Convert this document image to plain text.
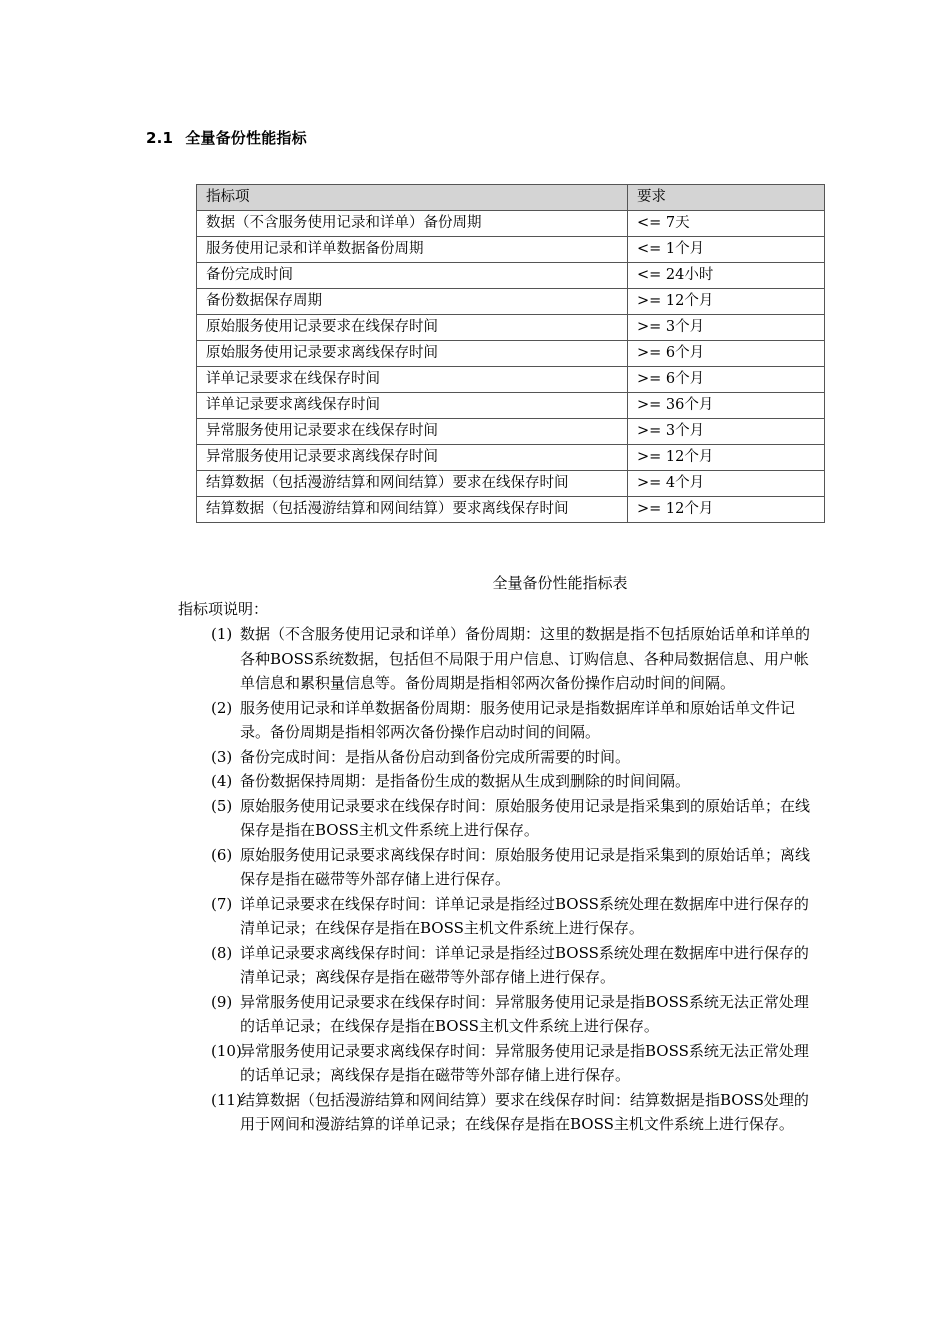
2.1 全量备份性能指标
指标项	要求
数据（不含服务使用记录和详单）备份周期	<= 7天
服务使用记录和详单数据备份周期	<= 1个月
备份完成时间	<= 24小时
备份数据保存周期	>= 12个月
原始服务使用记录要求在线保存时间	>= 3个月
原始服务使用记录要求离线保存时间	>= 6个月
详单记录要求在线保存时间	>= 6个月
详单记录要求离线保存时间	>= 36个月
异常服务使用记录要求在线保存时间	>= 3个月
异常服务使用记录要求离线保存时间	>= 12个月
结算数据（包括漫游结算和网间结算）要求在线保存时间	>= 4个月
结算数据（包括漫游结算和网间结算）要求离线保存时间	>= 12个月
全量备份性能指标表
指标项说明：
(1) 数据（不含服务使用记录和详单）备份周期：这里的数据是指不包括原始话单和详单的各种BOSS系统数据，包括但不局限于用户信息、订购信息、各种局数据信息、用户帐单信息和累积量信息等。备份周期是指相邻两次备份操作启动时间的间隔。
(2) 服务使用记录和详单数据备份周期：服务使用记录是指数据库详单和原始话单文件记录。备份周期是指相邻两次备份操作启动时间的间隔。
(3) 备份完成时间：是指从备份启动到备份完成所需要的时间。
(4) 备份数据保持周期：是指备份生成的数据从生成到删除的时间间隔。
(5) 原始服务使用记录要求在线保存时间：原始服务使用记录是指采集到的原始话单；在线保存是指在BOSS主机文件系统上进行保存。
(6) 原始服务使用记录要求离线保存时间：原始服务使用记录是指采集到的原始话单；离线保存是指在磁带等外部存储上进行保存。
(7) 详单记录要求在线保存时间：详单记录是指经过BOSS系统处理在数据库中进行保存的清单记录；在线保存是指在BOSS主机文件系统上进行保存。
(8) 详单记录要求离线保存时间：详单记录是指经过BOSS系统处理在数据库中进行保存的清单记录；离线保存是指在磁带等外部存储上进行保存。
(9) 异常服务使用记录要求在线保存时间：异常服务使用记录是指BOSS系统无法正常处理的话单记录；在线保存是指在BOSS主机文件系统上进行保存。
(10)
异常服务使用记录要求离线保存时间：异常服务使用记录是指BOSS系统无法正常处理的话单记录；离线保存是指在磁带等外部存储上进行保存。
(11)
结算数据（包括漫游结算和网间结算）要求在线保存时间：结算数据是指BOSS处理的用于网间和漫游结算的详单记录；在线保存是指在BOSS主机文件系统上进行保存。
